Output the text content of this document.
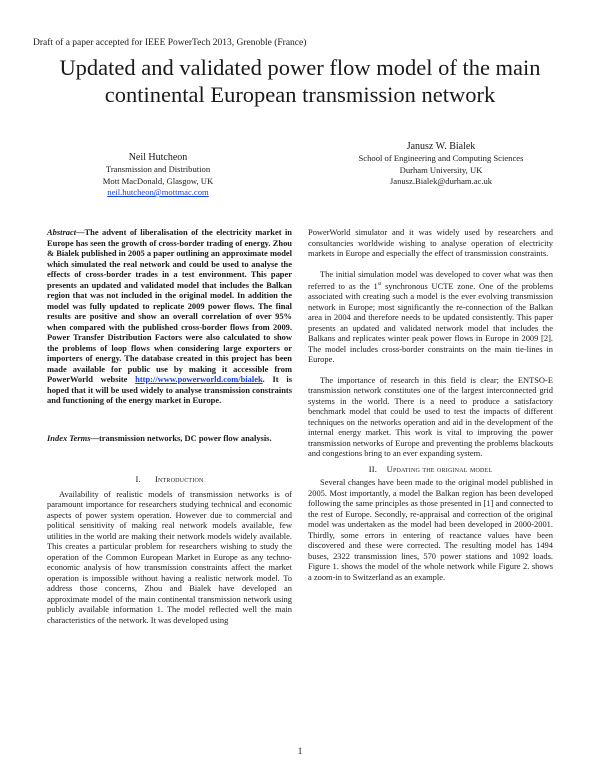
Draft of a paper accepted for IEEE PowerTech 2013, Grenoble (France)
Updated and validated power flow model of the main
continental European transmission network
Neil Hutcheon
Transmission and Distribution
Mott MacDonald, Glasgow, UK
neil.hutcheon@mottmac.com
Janusz W. Bialek
School of Engineering and Computing Sciences
Durham University, UK
Janusz.Bialek@durham.ac.uk

Abstract—The advent of liberalisation of the electricity market in Europe has seen the growth of cross-border trading of energy. Zhou & Bialek published in 2005 a paper outlining an approximate model which simulated the real network and could be used to analyse the effects of cross-border trades in a test environment. This paper presents an updated and validated model that includes the Balkan region that was not included in the original model. In addition the model was fully updated to replicate 2009 power flows. The final results are positive and show an overall correlation of over 95% when compared with the published cross-border flows from 2009. Power Transfer Distribution Factors were also calculated to show the problems of loop flows when considering large exporters or importers of energy. The database created in this project has been made available for public use by making it accessible from PowerWorld website http://www.powerworld.com/bialek. It is hoped that it will be used widely to analyse transmission constraints and functioning of the energy market in Europe.

Index Terms—transmission networks, DC power flow analysis.

I. Introduction

Availability of realistic models of transmission networks is of paramount importance for researchers studying technical and economic aspects of power system operation. However due to commercial and political sensitivity of making real network models available, few utilities in the world are making their network models widely available. This creates a particular problem for researchers wishing to study the operation of the Common European Market in Europe as any techno-economic analysis of how transmission constraints affect the market operation is impossible without having a realistic network model. To address those concerns, Zhou and Bialek have developed an approximate model of the main continental transmission network using publicly available information 1. The model reflected well the main characteristics of the network. It was developed using

PowerWorld simulator and it was widely used by researchers and consultancies worldwide wishing to analyse operation of electricity markets in Europe and especially the effect of transmission constraints.

The initial simulation model was developed to cover what was then referred to as the 1st synchronous UCTE zone. One of the problems associated with creating such a model is the ever evolving transmission network in Europe; most significantly the re-connection of the Balkan area in 2004 and therefore needs to be updated consistently. This paper presents an updated and validated network model that includes the Balkans and replicates winter peak power flows in Europe in 2009 [2]. The model includes cross-border constraints on the main tie-lines in Europe.

The importance of research in this field is clear; the ENTSO-E transmission network constitutes one of the largest interconnected grid systems in the world. There is a need to produce a satisfactory benchmark model that could be used to test the impacts of different techniques on the networks operation and aid in the development of the internal energy market. This work is vital to improving the power transmission networks of Europe and preventing the problems blackouts and congestions bring to an ever expanding system.

II. Updating the original model

Several changes have been made to the original model published in 2005. Most importantly, a model the Balkan region has been developed following the same principles as those presented in [1] and connected to the rest of Europe. Secondly, re-appraisal and correction of the original model was undertaken as the model had been developed in 2000-2001. Thirdly, some errors in entering of reactance values have been discovered and these were corrected. The resulting model has 1494 buses, 2322 transmission lines, 570 power stations and 1092 loads. Figure 1. shows the model of the whole network while Figure 2. shows a zoom-in to Switzerland as an example.

1
